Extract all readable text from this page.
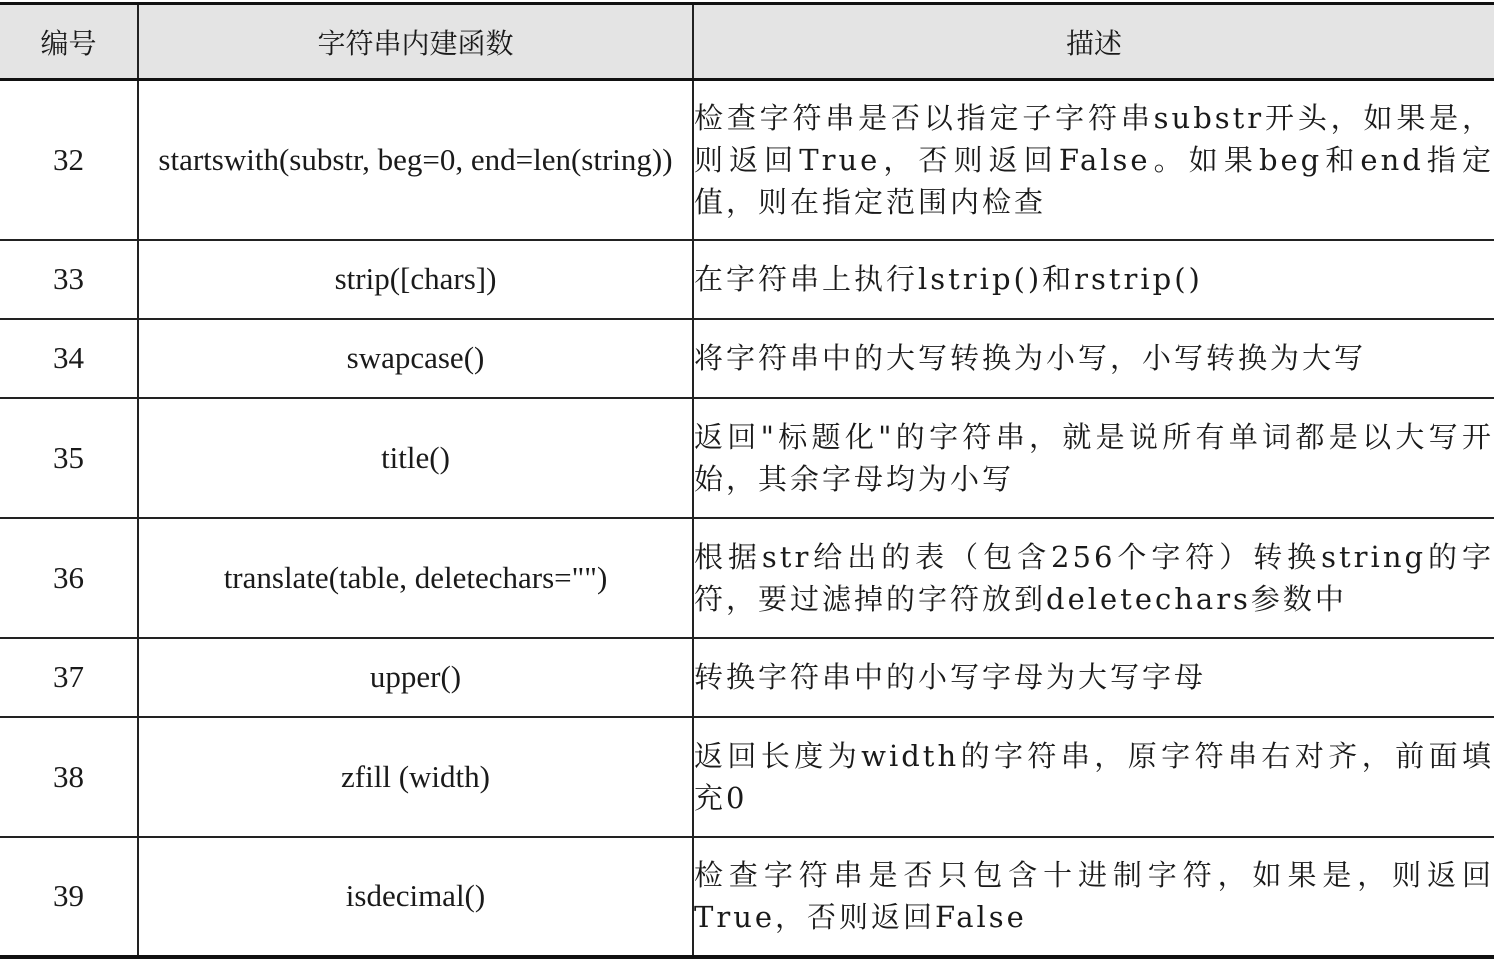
编号	字符串内建函数	描述
32	startswith(substr, beg=0, end=len(string))	检查字符串是否以指定子字符串substr开头，如果是，则返回True，否则返回False。如果beg和end指定值，则在指定范围内检查
33	strip([chars])	在字符串上执行lstrip()和rstrip()
34	swapcase()	将字符串中的大写转换为小写，小写转换为大写
35	title()	返回"标题化"的字符串，就是说所有单词都是以大写开始，其余字母均为小写
36	translate(table, deletechars="")	根据str给出的表（包含256个字符）转换string的字符，要过滤掉的字符放到deletechars参数中
37	upper()	转换字符串中的小写字母为大写字母
38	zfill (width)	返回长度为width的字符串，原字符串右对齐，前面填充0
39	isdecimal()	检查字符串是否只包含十进制字符，如果是，则返回True，否则返回False
